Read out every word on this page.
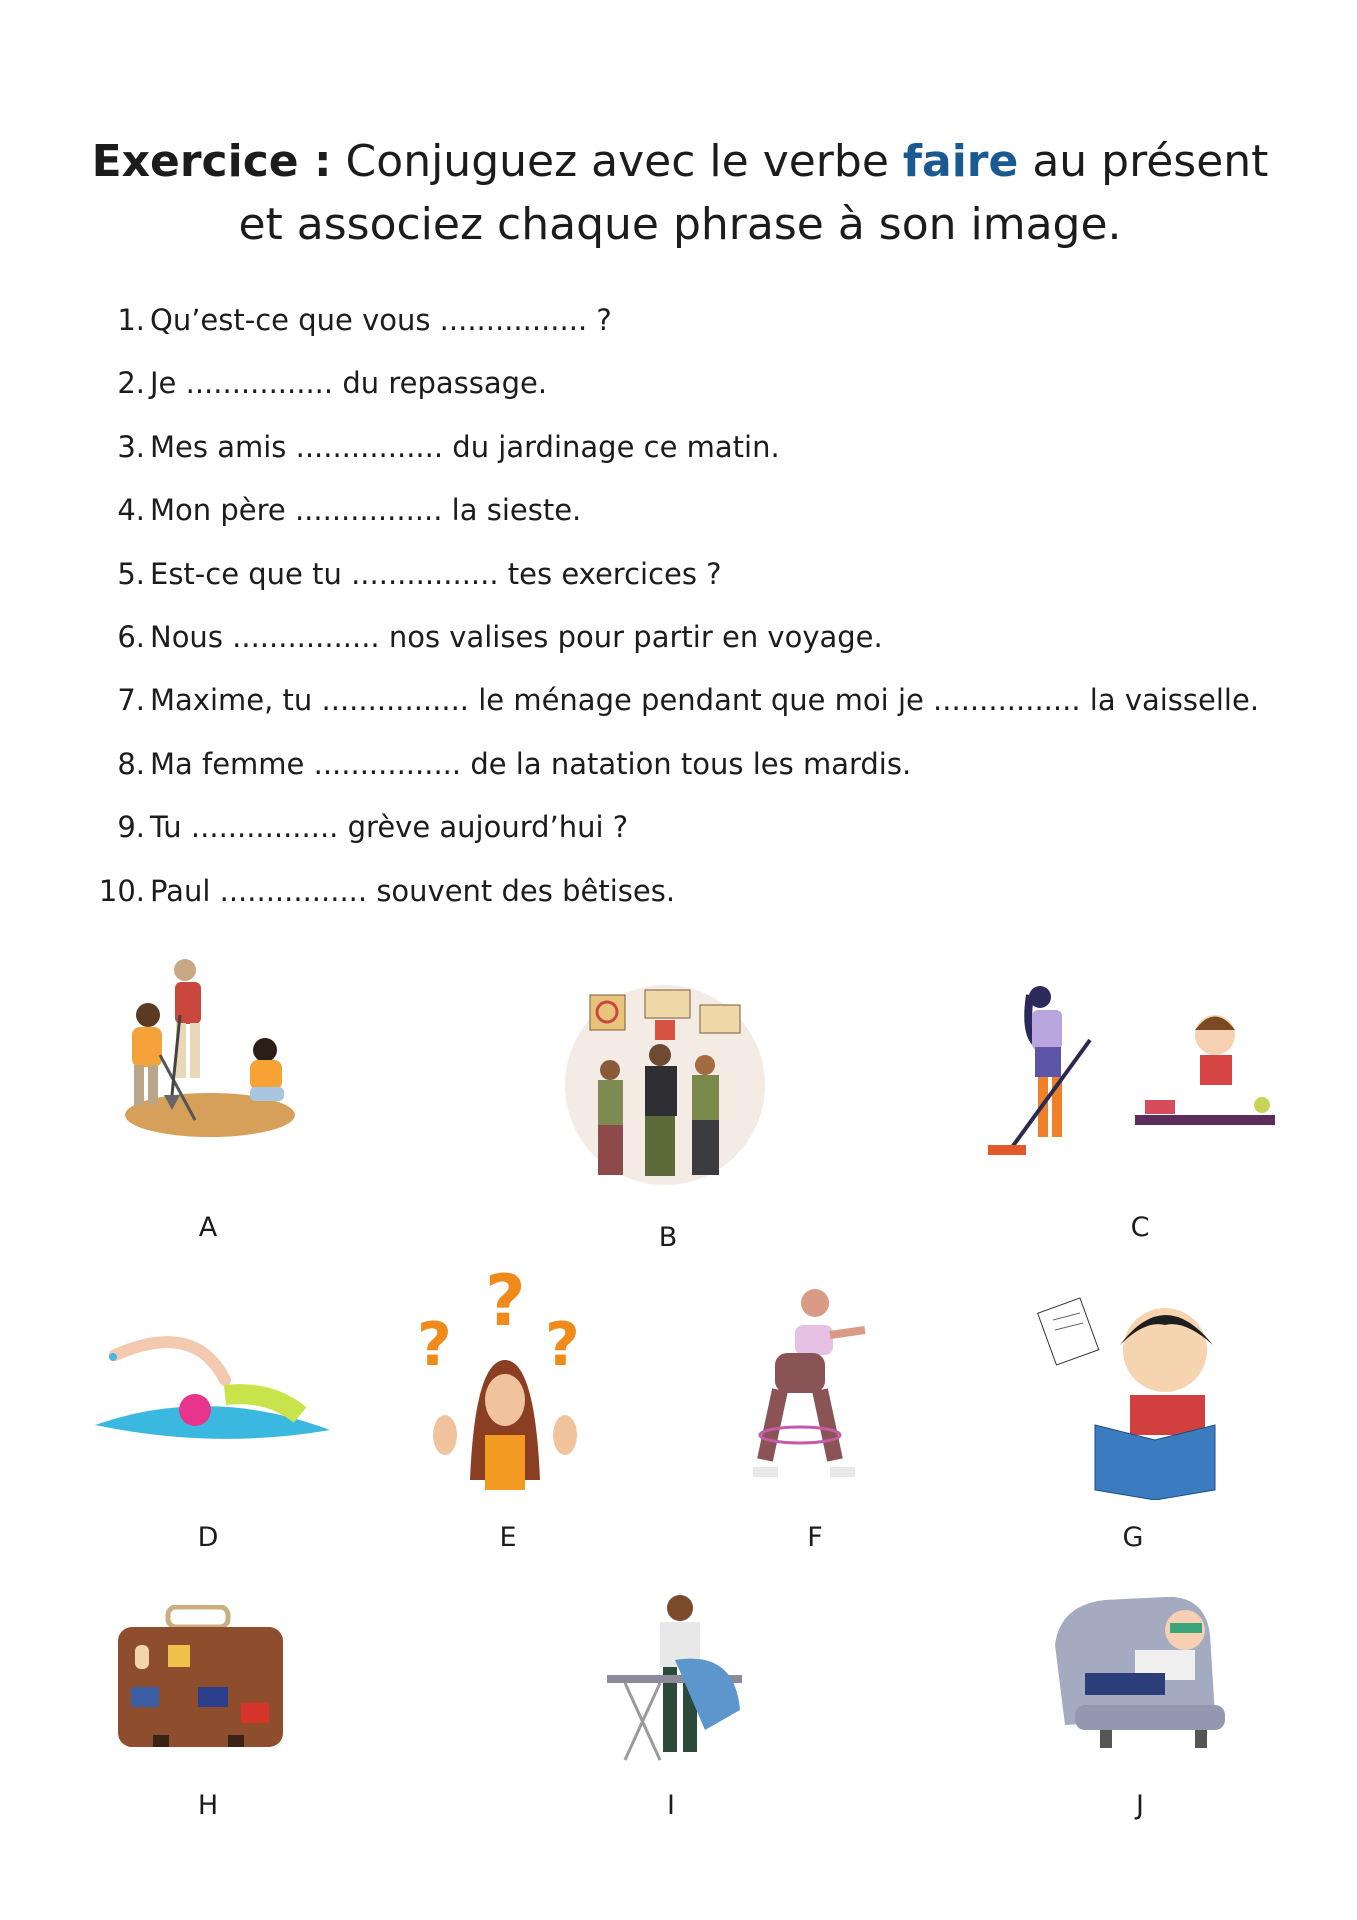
Exercice : Conjuguez avec le verbe faire au présent et associez chaque phrase à son image.
1. Qu’est-ce que vous ................ ?
2. Je ................ du repassage.
3. Mes amis ................ du jardinage ce matin.
4. Mon père ................ la sieste.
5. Est-ce que tu ................ tes exercices ?
6. Nous ................ nos valises pour partir en voyage.
7. Maxime, tu ................ le ménage pendant que moi je ................ la vaisselle.
8. Ma femme ................ de la natation tous les mardis.
9. Tu ................ grève aujourd’hui ?
10. Paul ................ souvent des bêtises.
A	B	C
D
?
?
?
E	F	G
H	I	J
